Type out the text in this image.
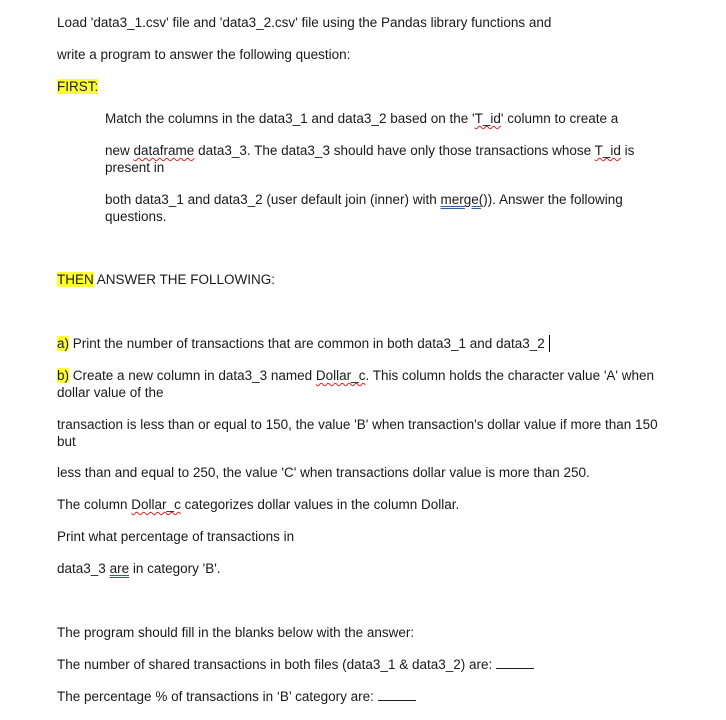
Load 'data3_1.csv' file and 'data3_2.csv' file using the Pandas library functions and
write a program to answer the following question:
FIRST:
Match the columns in the data3_1 and data3_2 based on the 'T_id' column to create a
new dataframe data3_3. The data3_3 should have only those transactions whose T_id is
present in
both data3_1 and data3_2 (user default join (inner) with merge()). Answer the following
questions.
THEN ANSWER THE FOLLOWING:
a) Print the number of transactions that are common in both data3_1 and data3_2
b) Create a new column in data3_3 named Dollar_c. This column holds the character value 'A' when
dollar value of the
transaction is less than or equal to 150, the value 'B' when transaction's dollar value if more than 150
but
less than and equal to 250, the value 'C' when transactions dollar value is more than 250.
The column Dollar_c categorizes dollar values in the column Dollar.
Print what percentage of transactions in
data3_3 are in category 'B'.
The program should fill in the blanks below with the answer:
The number of shared transactions in both files (data3_1 & data3_2) are:
The percentage % of transactions in ‘B’ category are:
